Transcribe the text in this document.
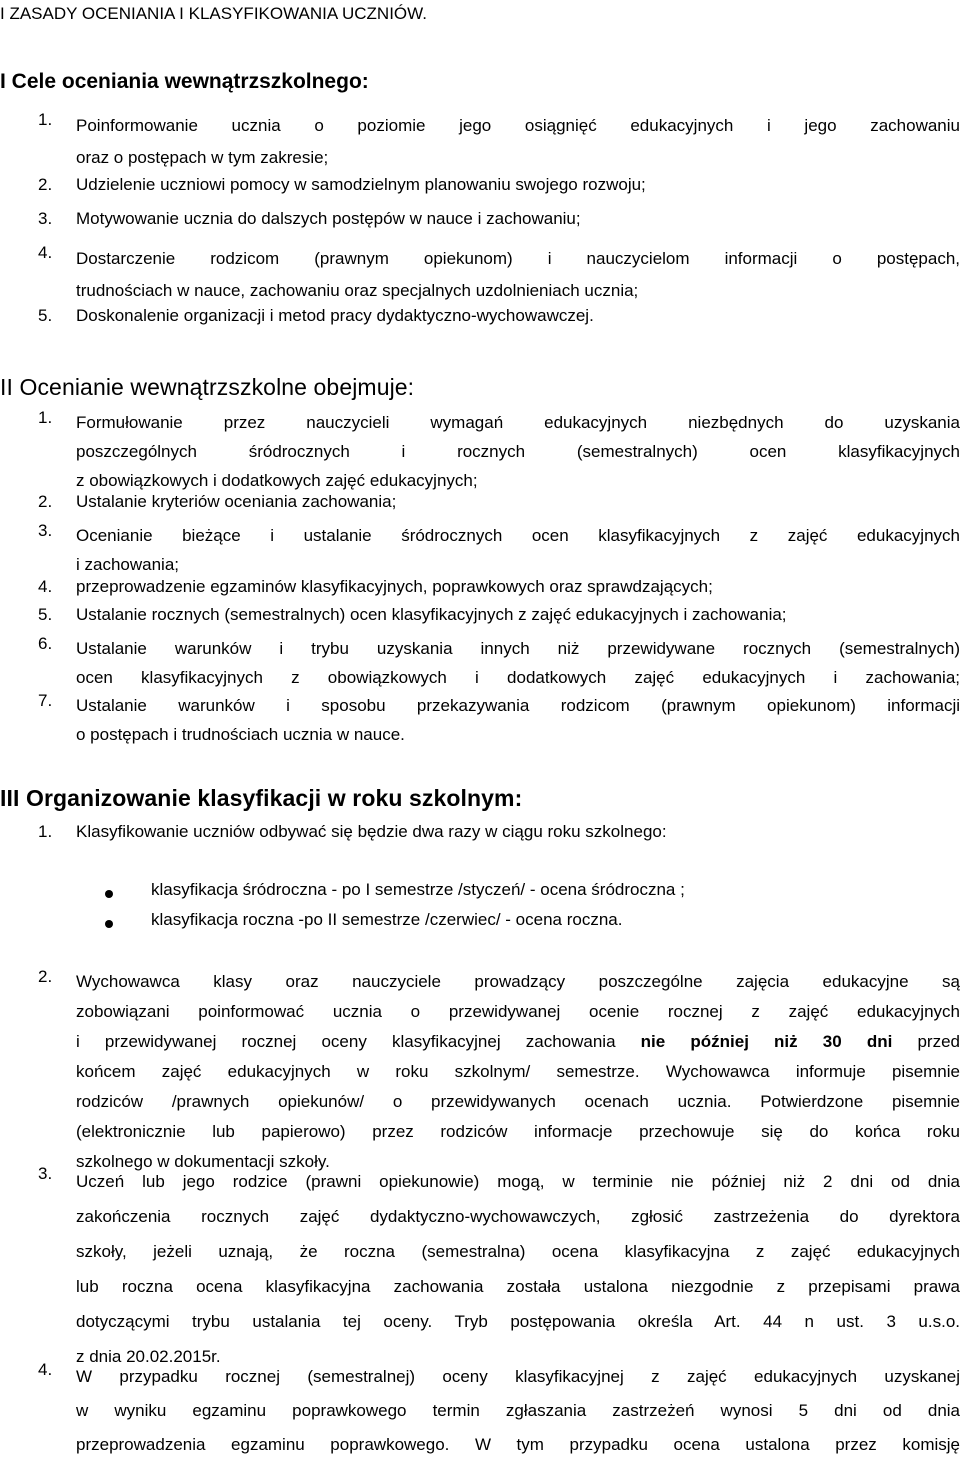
I ZASADY OCENIANIA I KLASYFIKOWANIA UCZNIÓW.
I Cele oceniania wewnątrzszkolnego:
1. Poinformowanie ucznia o poziomie jego osiągnięć edukacyjnych i jego zachowaniu
oraz o postępach w tym zakresie;
2. Udzielenie uczniowi pomocy w samodzielnym planowaniu swojego rozwoju;
3. Motywowanie ucznia do dalszych postępów w nauce i zachowaniu;
4. Dostarczenie rodzicom (prawnym opiekunom) i nauczycielom informacji o postępach,
trudnościach w nauce, zachowaniu oraz specjalnych uzdolnieniach ucznia;
5. Doskonalenie organizacji i metod pracy dydaktyczno-wychowawczej.
II Ocenianie wewnątrzszkolne obejmuje:
1. Formułowanie przez nauczycieli wymagań edukacyjnych niezbędnych do uzyskania
poszczególnych śródrocznych i rocznych (semestralnych) ocen klasyfikacyjnych
z obowiązkowych i dodatkowych zajęć edukacyjnych;
2. Ustalanie kryteriów oceniania zachowania;
3. Ocenianie bieżące i ustalanie śródrocznych ocen klasyfikacyjnych z zajęć edukacyjnych
i zachowania;
4. przeprowadzenie egzaminów klasyfikacyjnych, poprawkowych oraz sprawdzających;
5. Ustalanie rocznych (semestralnych) ocen klasyfikacyjnych z zajęć edukacyjnych i zachowania;
6. Ustalanie warunków i trybu uzyskania innych niż przewidywane rocznych (semestralnych)
ocen klasyfikacyjnych z obowiązkowych i dodatkowych zajęć edukacyjnych i zachowania;
7. Ustalanie warunków i sposobu przekazywania rodzicom (prawnym opiekunom) informacji
o postępach i trudnościach ucznia w nauce.
III Organizowanie klasyfikacji w roku szkolnym:
1. Klasyfikowanie uczniów odbywać się będzie dwa razy w ciągu roku szkolnego:
klasyfikacja śródroczna - po I semestrze /styczeń/ - ocena śródroczna ;
klasyfikacja roczna -po II semestrze /czerwiec/ - ocena roczna.
2. Wychowawca klasy oraz nauczyciele prowadzący poszczególne zajęcia edukacyjne są
zobowiązani poinformować ucznia o przewidywanej ocenie rocznej z zajęć edukacyjnych
i przewidywanej rocznej oceny klasyfikacyjnej zachowania nie później niż 30 dni przed
końcem zajęć edukacyjnych w roku szkolnym/ semestrze. Wychowawca informuje pisemnie
rodziców /prawnych opiekunów/ o przewidywanych ocenach ucznia. Potwierdzone pisemnie
(elektronicznie lub papierowo) przez rodziców informacje przechowuje się do końca roku
szkolnego w dokumentacji szkoły.
3. Uczeń lub jego rodzice (prawni opiekunowie) mogą, w terminie nie później niż 2 dni od dnia
zakończenia rocznych zajęć dydaktyczno-wychowawczych, zgłosić zastrzeżenia do dyrektora
szkoły, jeżeli uznają, że roczna (semestralna) ocena klasyfikacyjna z zajęć edukacyjnych
lub roczna ocena klasyfikacyjna zachowania została ustalona niezgodnie z przepisami prawa
dotyczącymi trybu ustalania tej oceny. Tryb postępowania określa Art. 44 n ust. 3 u.s.o.
z dnia 20.02.2015r.
4. W przypadku rocznej (semestralnej) oceny klasyfikacyjnej z zajęć edukacyjnych uzyskanej
w wyniku egzaminu poprawkowego termin zgłaszania zastrzeżeń wynosi 5 dni od dnia
przeprowadzenia egzaminu poprawkowego. W tym przypadku ocena ustalona przez komisję
